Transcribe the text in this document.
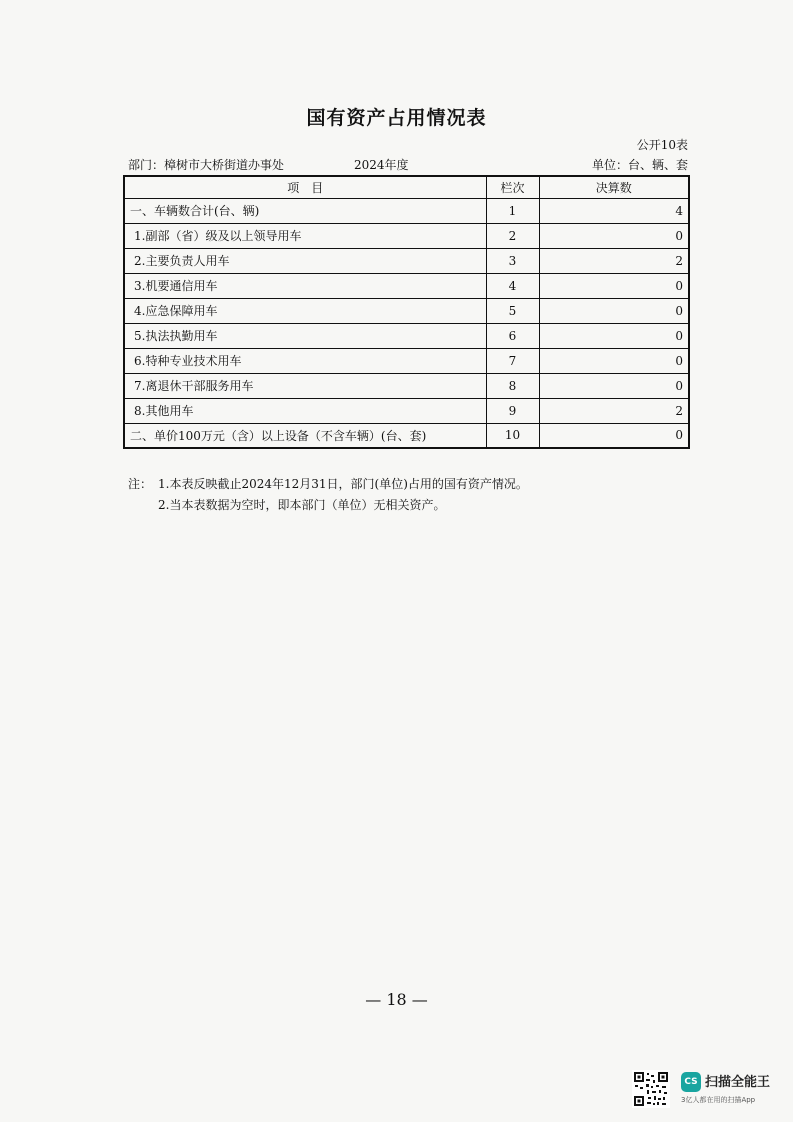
国有资产占用情况表
公开10表
部门：樟树市大桥街道办事处	2024年度	单位：台、辆、套
项　目	栏次	决算数
一、车辆数合计(台、辆)	1	4
1.副部（省）级及以上领导用车	2	0
2.主要负责人用车	3	2
3.机要通信用车	4	0
4.应急保障用车	5	0
5.执法执勤用车	6	0
6.特种专业技术用车	7	0
7.离退休干部服务用车	8	0
8.其他用车	9	2
二、单价100万元（含）以上设备（不含车辆）(台、套)	10	0
注： 1.本表反映截止2024年12月31日，部门(单位)占用的国有资产情况。
2.当本表数据为空时，即本部门（单位）无相关资产。
— 18 —
CS 扫描全能王
3亿人都在用的扫描App
